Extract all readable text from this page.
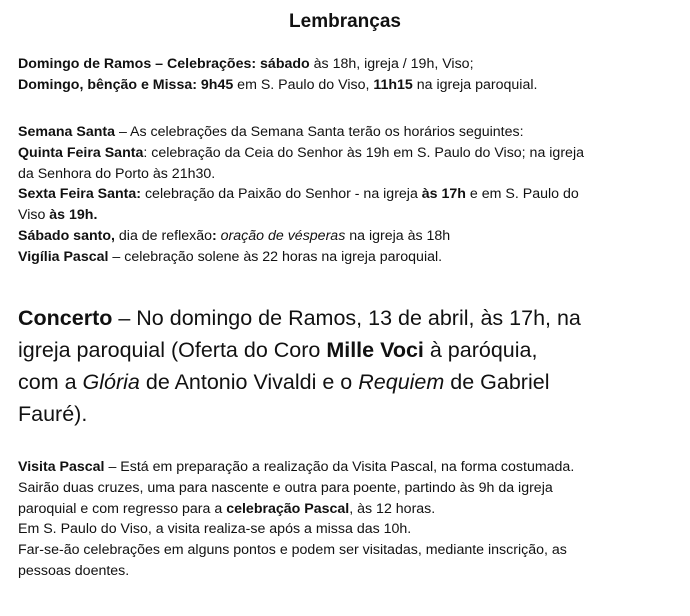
Lembranças
Domingo de Ramos – Celebrações: sábado às 18h, igreja / 19h, Viso;
Domingo, bênção e Missa: 9h45 em S. Paulo do Viso, 11h15 na igreja paroquial.
Semana Santa – As celebrações da Semana Santa terão os horários seguintes:
Quinta Feira Santa: celebração da Ceia do Senhor às 19h em S. Paulo do Viso; na igreja
da Senhora do Porto às 21h30.
Sexta Feira Santa: celebração da Paixão do Senhor - na igreja às 17h e em S. Paulo do
Viso às 19h.
Sábado santo, dia de reflexão: oração de vésperas na igreja às 18h
Vigília Pascal – celebração solene às 22 horas na igreja paroquial.
Concerto – No domingo de Ramos, 13 de abril, às 17h, na
igreja paroquial (Oferta do Coro Mille Voci à paróquia,
com a Glória de Antonio Vivaldi e o Requiem de Gabriel
Fauré).
Visita Pascal – Está em preparação a realização da Visita Pascal, na forma costumada.
Sairão duas cruzes, uma para nascente e outra para poente, partindo às 9h da igreja
paroquial e com regresso para a celebração Pascal, às 12 horas.
Em S. Paulo do Viso, a visita realiza-se após a missa das 10h.
Far-se-ão celebrações em alguns pontos e podem ser visitadas, mediante inscrição, as
pessoas doentes.
